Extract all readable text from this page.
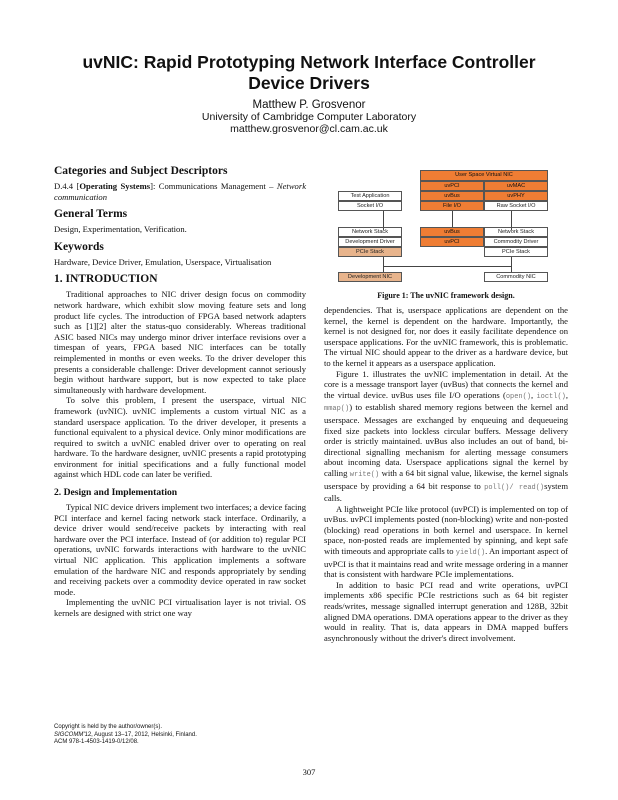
uvNIC: Rapid Prototyping Network Interface Controller
Device Drivers
Matthew P. Grosvenor
University of Cambridge Computer Laboratory
matthew.grosvenor@cl.cam.ac.uk
Categories and Subject Descriptors

D.4.4 [Operating Systems]: Communications Management – Network communication

General Terms

Design, Experimentation, Verification.

Keywords

Hardware, Device Driver, Emulation, Userspace, Virtualisation

1. INTRODUCTION

Traditional approaches to NIC driver design focus on commodity network hardware, which exhibit slow moving feature sets and long product life cycles. The introduction of FPGA based network adapters such as [1][2] alter the status-quo considerably. Whereas traditional ASIC based NICs may undergo minor driver interface revisions over a timespan of years, FPGA based NIC interfaces can be totally reimplemented in months or even weeks. To the driver developer this presents a considerable challenge: Driver development cannot seriously begin without hardware support, but is now expected to take place simultaneously with hardware development.

To solve this problem, I present the userspace, virtual NIC framework (uvNIC). uvNIC implements a custom virtual NIC as a standard userspace application. To the driver developer, it presents a functional equivalent to a physical device. Only minor modifications are required to switch a uvNIC enabled driver over to operating on real hardware. To the hardware designer, uvNIC presents a rapid prototyping environment for initial specifications and a fully functional model against which HDL code can later be verified.

2. Design and Implementation

Typical NIC device drivers implement two interfaces; a device facing PCI interface and kernel facing network stack interface. Ordinarily, a device driver would send/receive packets by interacting with real hardware over the PCI interface. Instead of (or addition to) regular PCI operations, uvNIC forwards interactions with hardware to the uvNIC virtual NIC application. This application implements a software emulation of the hardware NIC and responds appropriately by sending and receiving packets over a commodity device operated in raw socket mode.

Implementing the uvNIC PCI virtualisation layer is not trivial. OS kernels are designed with strict one way

Copyright is held by the author/owner(s).
SIGCOMM'12, August 13–17, 2012, Helsinki, Finland.
ACM 978-1-4503-1419-0/12/08.
User Space Virtual NIC
uvPCI	uvMAC
uvBus	uvPHY
File I/O	Raw Socket I/O
Test Application
Socket I/O
Network Stack
Development Driver
PCIe Stack
uvBus
uvPCI
Network Stack
Commodity Driver
PCIe Stack
Development NIC	Commodity NIC
Figure 1: The uvNIC framework design.

dependencies. That is, userspace applications are dependent on the kernel, the kernel is dependent on the hardware. Importantly, the kernel is not designed for, nor does it easily facilitate dependence on userspace applications. For the uvNIC framework, this is problematic. The virtual NIC should appear to the driver as a hardware device, but to the kernel it appears as a userspace application.

Figure 1. illustrates the uvNIC implementation in detail. At the core is a message transport layer (uvBus) that connects the kernel and the virtual device. uvBus uses file I/O operations (open(), ioctl(), mmap()) to establish shared memory regions between the kernel and userspace. Messages are exchanged by enqueuing and dequeueing fixed size packets into lockless circular buffers. Message delivery order is strictly maintained. uvBus also includes an out of band, bi-directional signalling mechanism for alerting message consumers about incoming data. Userspace applications signal the kernel by calling write() with a 64 bit signal value, likewise, the kernel signals userspace by providing a 64 bit response to poll()/ read()system calls.

A lightweight PCIe like protocol (uvPCI) is implemented on top of uvBus. uvPCI implements posted (non-blocking) write and non-posted (blocking) read operations in both kernel and userspace. In kernel space, non-posted reads are implemented by spinning, and kept safe with timeouts and appropriate calls to yield(). An important aspect of uvPCI is that it maintains read and write message ordering in a manner that is consistent with hardware PCIe implementations.

In addition to basic PCI read and write operations, uvPCI implements x86 specific PCIe restrictions such as 64 bit register reads/writes, message signalled interrupt generation and 128B, 32bit aligned DMA operations. DMA operations appear to the driver as they would in reality. That is, data appears in DMA mapped buffers asynchronously without the driver's direct involvement.

307
